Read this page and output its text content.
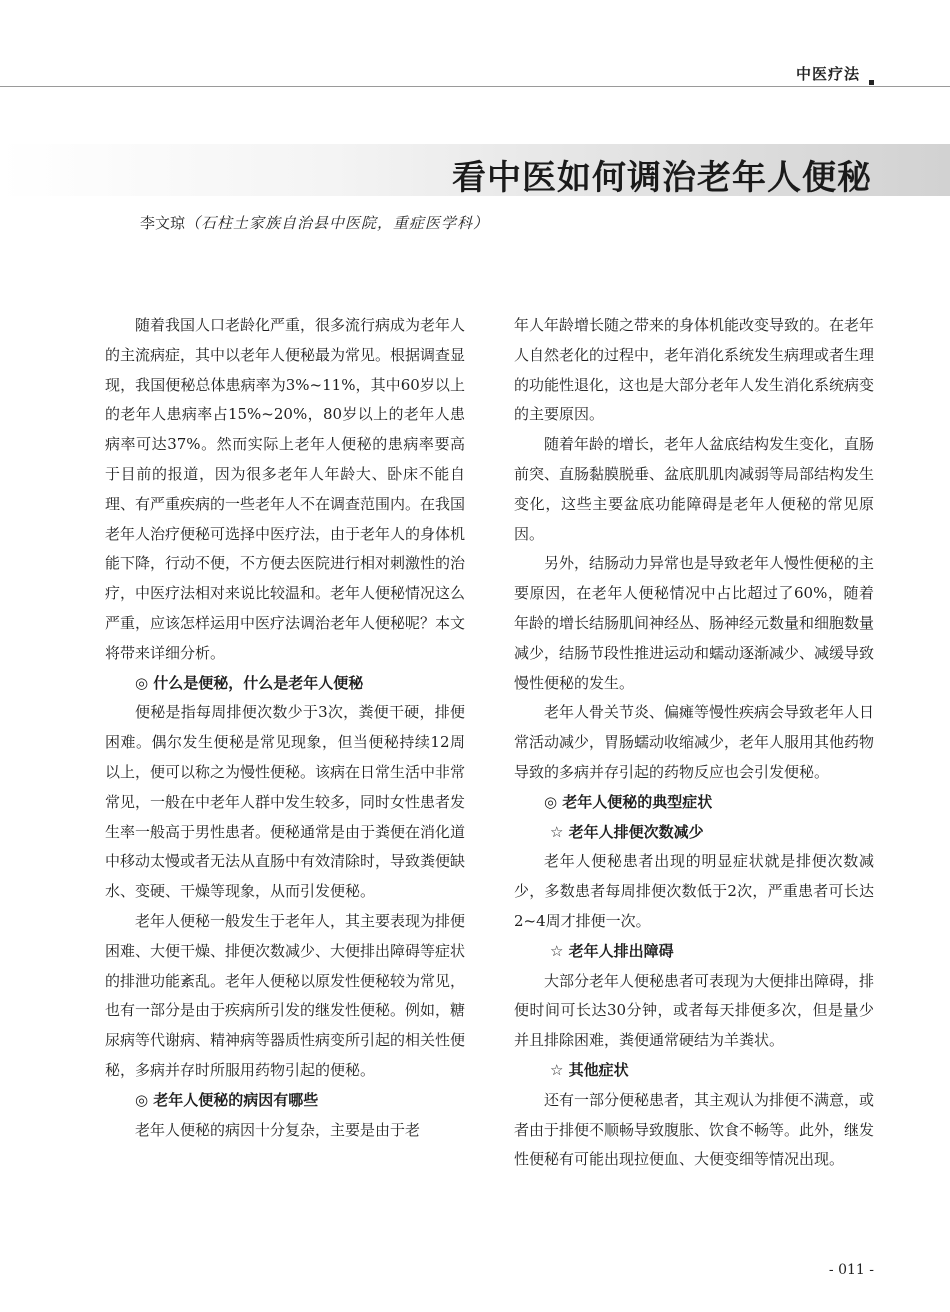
中医疗法
看中医如何调治老年人便秘
李文琼（石柱土家族自治县中医院，重症医学科）

随着我国人口老龄化严重，很多流行病成为老年人的主流病症，其中以老年人便秘最为常见。根据调查显现，我国便秘总体患病率为3%~11%，其中60岁以上的老年人患病率占15%~20%，80岁以上的老年人患病率可达37%。然而实际上老年人便秘的患病率要高于目前的报道，因为很多老年人年龄大、卧床不能自理、有严重疾病的一些老年人不在调查范围内。在我国老年人治疗便秘可选择中医疗法，由于老年人的身体机能下降，行动不便，不方便去医院进行相对刺激性的治疗，中医疗法相对来说比较温和。老年人便秘情况这么严重，应该怎样运用中医疗法调治老年人便秘呢？本文将带来详细分析。

◎ 什么是便秘，什么是老年人便秘

便秘是指每周排便次数少于3次，粪便干硬，排便困难。偶尔发生便秘是常见现象，但当便秘持续12周以上，便可以称之为慢性便秘。该病在日常生活中非常常见，一般在中老年人群中发生较多，同时女性患者发生率一般高于男性患者。便秘通常是由于粪便在消化道中移动太慢或者无法从直肠中有效清除时，导致粪便缺水、变硬、干燥等现象，从而引发便秘。

老年人便秘一般发生于老年人，其主要表现为排便困难、大便干燥、排便次数减少、大便排出障碍等症状的排泄功能紊乱。老年人便秘以原发性便秘较为常见，也有一部分是由于疾病所引发的继发性便秘。例如，糖尿病等代谢病、精神病等器质性病变所引起的相关性便秘，多病并存时所服用药物引起的便秘。

◎ 老年人便秘的病因有哪些

老年人便秘的病因十分复杂，主要是由于老

年人年龄增长随之带来的身体机能改变导致的。在老年人自然老化的过程中，老年消化系统发生病理或者生理的功能性退化，这也是大部分老年人发生消化系统病变的主要原因。

随着年龄的增长，老年人盆底结构发生变化，直肠前突、直肠黏膜脱垂、盆底肌肌肉减弱等局部结构发生变化，这些主要盆底功能障碍是老年人便秘的常见原因。

另外，结肠动力异常也是导致老年人慢性便秘的主要原因，在老年人便秘情况中占比超过了60%，随着年龄的增长结肠肌间神经丛、肠神经元数量和细胞数量减少，结肠节段性推进运动和蠕动逐渐减少、减缓导致慢性便秘的发生。

老年人骨关节炎、偏瘫等慢性疾病会导致老年人日常活动减少，胃肠蠕动收缩减少，老年人服用其他药物导致的多病并存引起的药物反应也会引发便秘。

◎ 老年人便秘的典型症状
☆ 老年人排便次数减少

老年人便秘患者出现的明显症状就是排便次数减少，多数患者每周排便次数低于2次，严重患者可长达2~4周才排便一次。

☆ 老年人排出障碍

大部分老年人便秘患者可表现为大便排出障碍，排便时间可长达30分钟，或者每天排便多次，但是量少并且排除困难，粪便通常硬结为羊粪状。

☆ 其他症状

还有一部分便秘患者，其主观认为排便不满意，或者由于排便不顺畅导致腹胀、饮食不畅等。此外，继发性便秘有可能出现拉便血、大便变细等情况出现。

- 011 -
